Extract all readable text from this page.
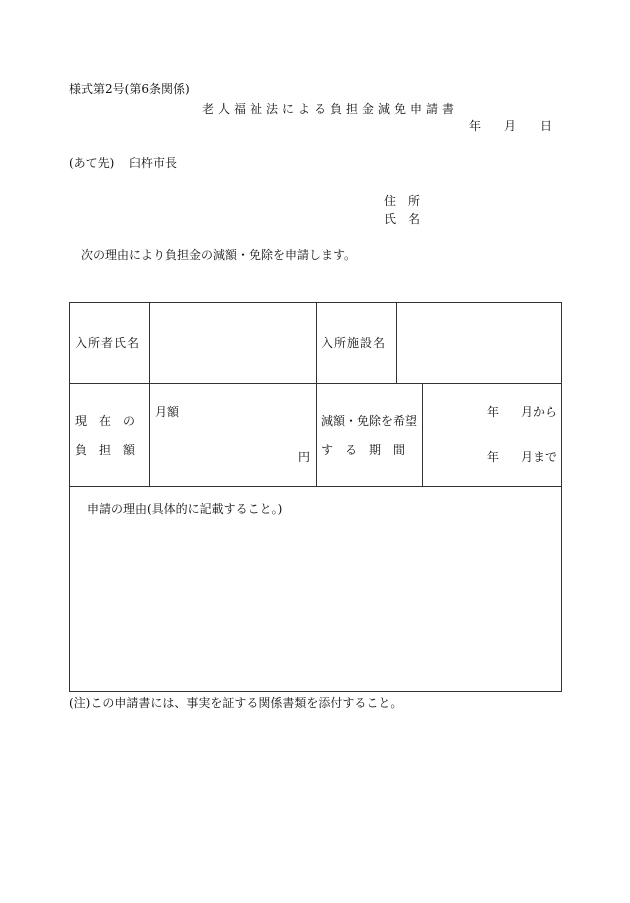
様式第2号(第6条関係)
老人福祉法による負担金減免申請書
年 月 日
(あて先) 臼杵市長
住　所
氏　名
次の理由により負担金の減額・免除を申請します。
入所者氏名	入所施設名
現　在　の
負　担　額
月額
円
減額・免除を希望
す　る　期　間
年 月から
年 月まで
申請の理由(具体的に記載すること。)
(注)この申請書には、事実を証する関係書類を添付すること。
